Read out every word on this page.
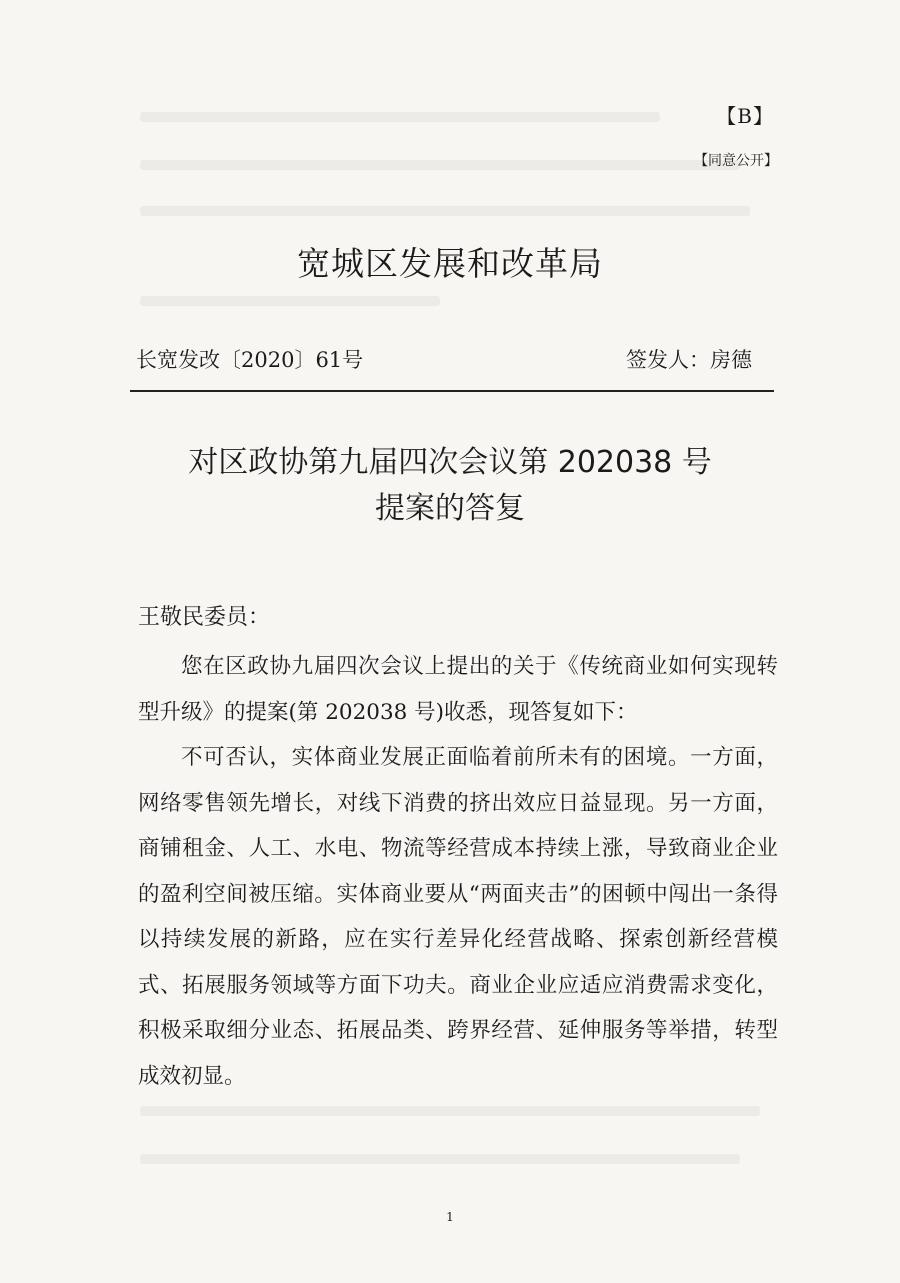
【B】
【同意公开】
宽城区发展和改革局
长宽发改〔2020〕61号	签发人：房德
对区政协第九届四次会议第 202038 号
提案的答复
王敬民委员：

您在区政协九届四次会议上提出的关于《传统商业如何实现转型升级》的提案(第 202038 号)收悉，现答复如下：

不可否认，实体商业发展正面临着前所未有的困境。一方面，网络零售领先增长，对线下消费的挤出效应日益显现。另一方面，商铺租金、人工、水电、物流等经营成本持续上涨，导致商业企业的盈利空间被压缩。实体商业要从“两面夹击”的困顿中闯出一条得以持续发展的新路，应在实行差异化经营战略、探索创新经营模式、拓展服务领域等方面下功夫。商业企业应适应消费需求变化，积极采取细分业态、拓展品类、跨界经营、延伸服务等举措，转型成效初显。

1
